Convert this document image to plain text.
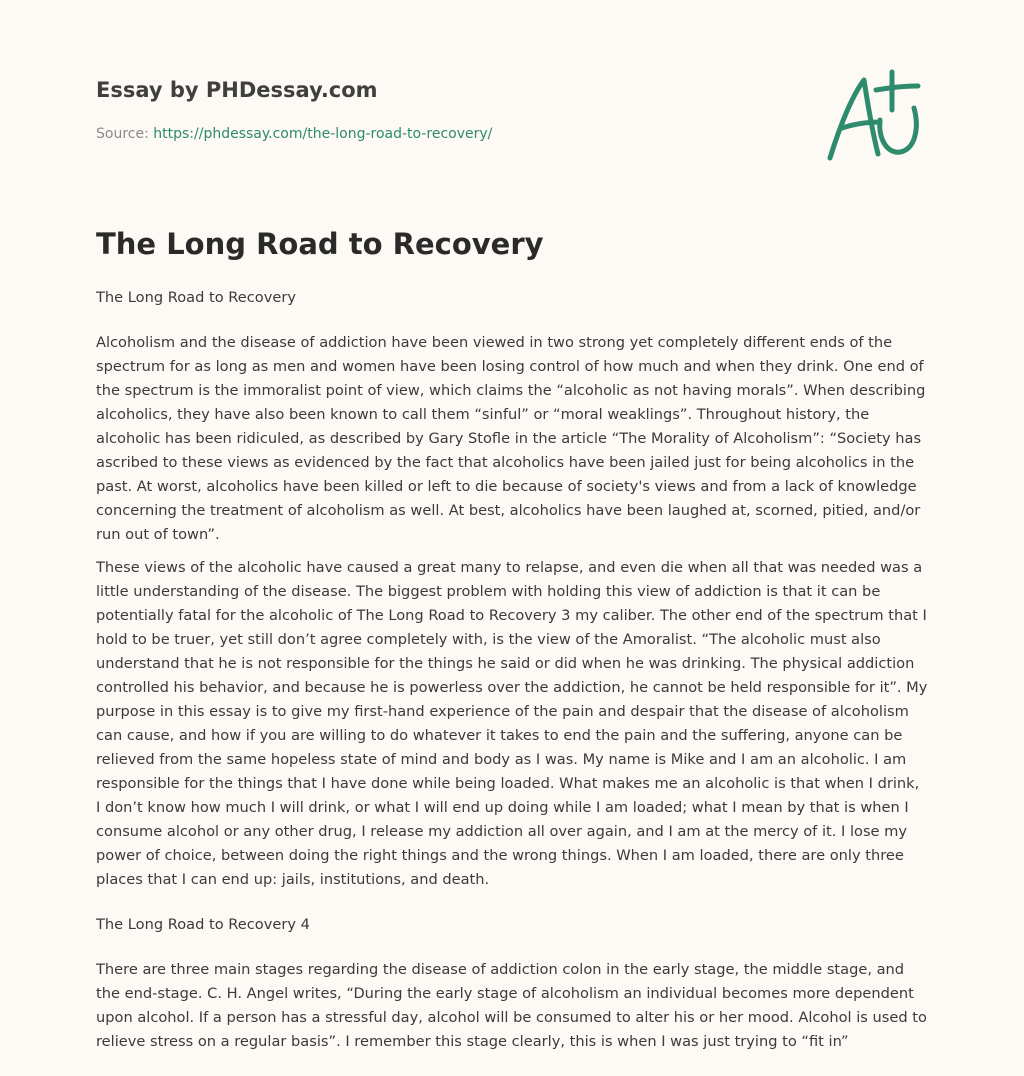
Essay by PHDessay.com
Source: https://phdessay.com/the-long-road-to-recovery/
The Long Road to Recovery

The Long Road to Recovery

Alcoholism and the disease of addiction have been viewed in two strong yet completely different ends of the spectrum for as long as men and women have been losing control of how much and when they drink. One end of the spectrum is the immoralist point of view, which claims the “alcoholic as not having morals”. When describing alcoholics, they have also been known to call them “sinful” or “moral weaklings”. Throughout history, the alcoholic has been ridiculed, as described by Gary Stofle in the article “The Morality of Alcoholism”: “Society has ascribed to these views as evidenced by the fact that alcoholics have been jailed just for being alcoholics in the past. At worst, alcoholics have been killed or left to die because of society's views and from a lack of knowledge concerning the treatment of alcoholism as well. At best, alcoholics have been laughed at, scorned, pitied, and/or run out of town”.

These views of the alcoholic have caused a great many to relapse, and even die when all that was needed was a little understanding of the disease. The biggest problem with holding this view of addiction is that it can be potentially fatal for the alcoholic of The Long Road to Recovery 3 my caliber. The other end of the spectrum that I hold to be truer, yet still don’t agree completely with, is the view of the Amoralist. “The alcoholic must also understand that he is not responsible for the things he said or did when he was drinking. The physical addiction controlled his behavior, and because he is powerless over the addiction, he cannot be held responsible for it”. My purpose in this essay is to give my first-hand experience of the pain and despair that the disease of alcoholism can cause, and how if you are willing to do whatever it takes to end the pain and the suffering, anyone can be relieved from the same hopeless state of mind and body as I was. My name is Mike and I am an alcoholic. I am responsible for the things that I have done while being loaded. What makes me an alcoholic is that when I drink, I don’t know how much I will drink, or what I will end up doing while I am loaded; what I mean by that is when I consume alcohol or any other drug, I release my addiction all over again, and I am at the mercy of it. I lose my power of choice, between doing the right things and the wrong things. When I am loaded, there are only three places that I can end up: jails, institutions, and death.

The Long Road to Recovery 4

There are three main stages regarding the disease of addiction colon in the early stage, the middle stage, and the end-stage. C. H. Angel writes, “During the early stage of alcoholism an individual becomes more dependent upon alcohol. If a person has a stressful day, alcohol will be consumed to alter his or her mood. Alcohol is used to relieve stress on a regular basis”. I remember this stage clearly, this is when I was just trying to “fit in”
